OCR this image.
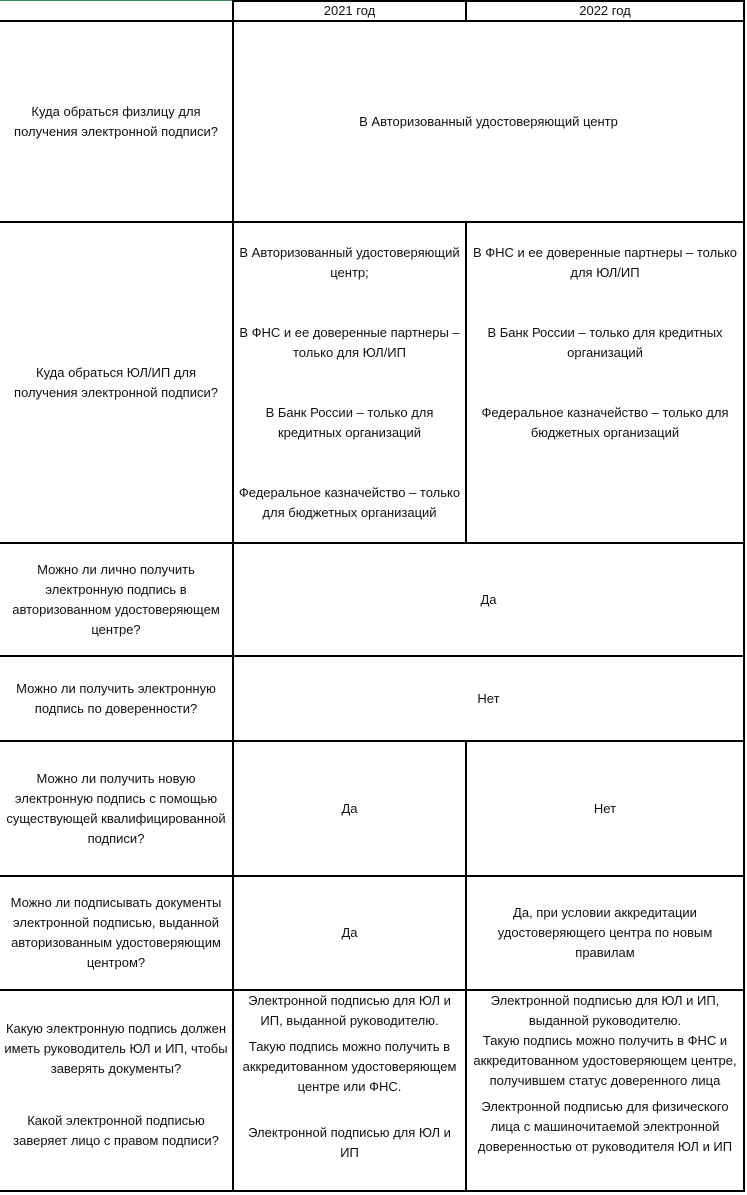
2021 год	2022 год
Куда обраться физлицу для получения электронной подписи?
В Авторизованный удостоверяющий центр
Куда обраться ЮЛ/ИП для получения электронной подписи?

В Авторизованный удостоверяющий центр;

В ФНС и ее доверенные партнеры – только для ЮЛ/ИП

В Банк России – только для кредитных организаций

Федеральное казначейство – только для бюджетных организаций

В ФНС и ее доверенные партнеры – только для ЮЛ/ИП

В Банк России – только для кредитных организаций

Федеральное казначейство – только для бюджетных организаций

Можно ли лично получить электронную подпись в авторизованном удостоверяющем центре?
Да
Можно ли получить электронную подпись по доверенности?
Нет
Можно ли получить новую электронную подпись с помощью существующей квалифицированной подписи?
Да	Нет
Можно ли подписывать документы электронной подписью, выданной авторизованным удостоверяющим центром?
Да
Да, при условии аккредитации удостоверяющего центра по новым правилам

Какую электронную подпись должен иметь руководитель ЮЛ и ИП, чтобы заверять документы?

Какой электронной подписью заверяет лицо с правом подписи?

Электронной подписью для ЮЛ и ИП, выданной руководителю.

Такую подпись можно получить в аккредитованном удостоверяющем центре или ФНС.

Электронной подписью для ЮЛ и ИП

Электронной подписью для ЮЛ и ИП, выданной руководителю.

Такую подпись можно получить в ФНС и аккредитованном удостоверяющем центре, получившем статус доверенного лица

Электронной подписью для физического лица с машиночитаемой электронной доверенностью от руководителя ЮЛ и ИП
